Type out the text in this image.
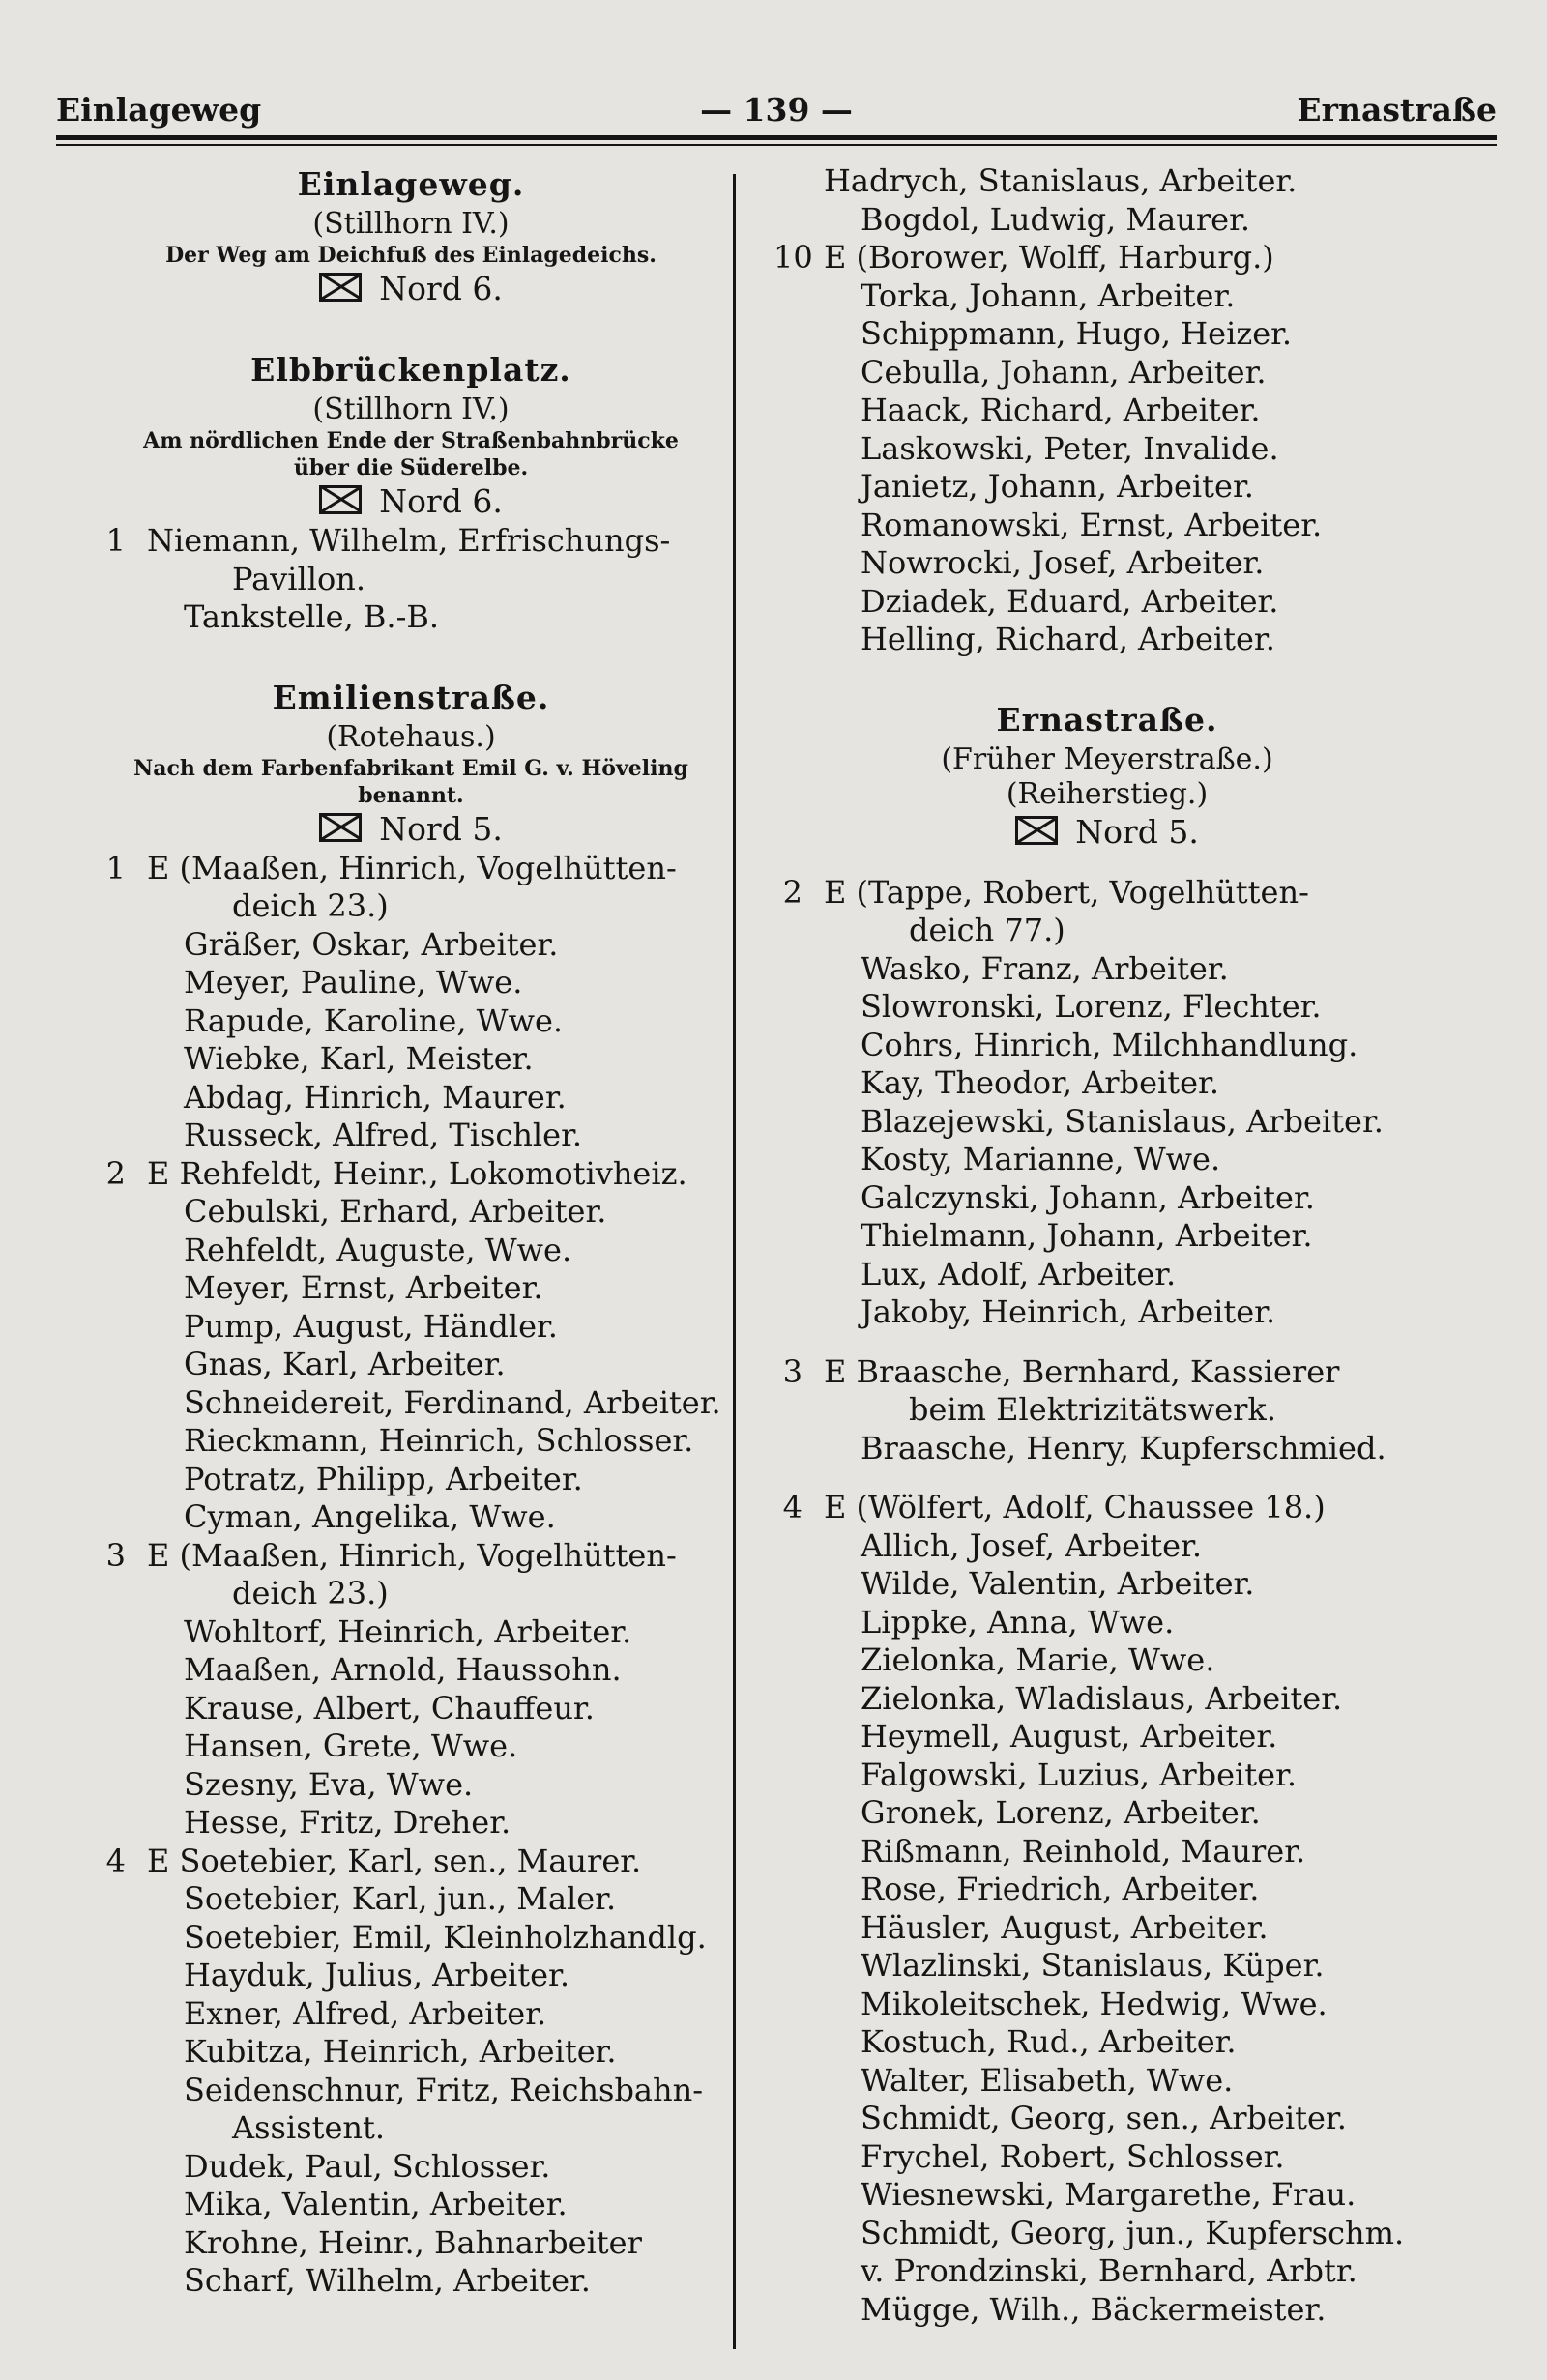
Einlageweg	— 139 —	Ernastraße
Einlageweg.
(Stillhorn IV.)
Der Weg am Deichfuß des Einlagedeichs.
Nord 6.
Elbbrückenplatz.
(Stillhorn IV.)
Am nördlichen Ende der Straßenbahnbrücke
über die Süderelbe.
Nord 6.
1 Niemann, Wilhelm, Erfrischungs-
Pavillon.
Tankstelle, B.-B.
Emilienstraße.
(Rotehaus.)
Nach dem Farbenfabrikant Emil G. v. Höveling benannt.
Nord 5.
1 E (Maaßen, Hinrich, Vogelhütten-
deich 23.)
Gräßer, Oskar, Arbeiter.
Meyer, Pauline, Wwe.
Rapude, Karoline, Wwe.
Wiebke, Karl, Meister.
Abdag, Hinrich, Maurer.
Russeck, Alfred, Tischler.
2 E Rehfeldt, Heinr., Lokomotivheiz.
Cebulski, Erhard, Arbeiter.
Rehfeldt, Auguste, Wwe.
Meyer, Ernst, Arbeiter.
Pump, August, Händler.
Gnas, Karl, Arbeiter.
Schneidereit, Ferdinand, Arbeiter.
Rieckmann, Heinrich, Schlosser.
Potratz, Philipp, Arbeiter.
Cyman, Angelika, Wwe.
3 E (Maaßen, Hinrich, Vogelhütten-
deich 23.)
Wohltorf, Heinrich, Arbeiter.
Maaßen, Arnold, Haussohn.
Krause, Albert, Chauffeur.
Hansen, Grete, Wwe.
Szesny, Eva, Wwe.
Hesse, Fritz, Dreher.
4 E Soetebier, Karl, sen., Maurer.
Soetebier, Karl, jun., Maler.
Soetebier, Emil, Kleinholzhandlg.
Hayduk, Julius, Arbeiter.
Exner, Alfred, Arbeiter.
Kubitza, Heinrich, Arbeiter.
Seidenschnur, Fritz, Reichsbahn-
Assistent.
Dudek, Paul, Schlosser.
Mika, Valentin, Arbeiter.
Krohne, Heinr., Bahnarbeiter
Scharf, Wilhelm, Arbeiter.
Hadrych, Stanislaus, Arbeiter.
Bogdol, Ludwig, Maurer.
10 E (Borower, Wolff, Harburg.)
Torka, Johann, Arbeiter.
Schippmann, Hugo, Heizer.
Cebulla, Johann, Arbeiter.
Haack, Richard, Arbeiter.
Laskowski, Peter, Invalide.
Janietz, Johann, Arbeiter.
Romanowski, Ernst, Arbeiter.
Nowrocki, Josef, Arbeiter.
Dziadek, Eduard, Arbeiter.
Helling, Richard, Arbeiter.
Ernastraße.
(Früher Meyerstraße.)
(Reiherstieg.)
Nord 5.
2 E (Tappe, Robert, Vogelhütten-
deich 77.)
Wasko, Franz, Arbeiter.
Slowronski, Lorenz, Flechter.
Cohrs, Hinrich, Milchhandlung.
Kay, Theodor, Arbeiter.
Blazejewski, Stanislaus, Arbeiter.
Kosty, Marianne, Wwe.
Galczynski, Johann, Arbeiter.
Thielmann, Johann, Arbeiter.
Lux, Adolf, Arbeiter.
Jakoby, Heinrich, Arbeiter.
3 E Braasche, Bernhard, Kassierer
beim Elektrizitätswerk.
Braasche, Henry, Kupferschmied.
4 E (Wölfert, Adolf, Chaussee 18.)
Allich, Josef, Arbeiter.
Wilde, Valentin, Arbeiter.
Lippke, Anna, Wwe.
Zielonka, Marie, Wwe.
Zielonka, Wladislaus, Arbeiter.
Heymell, August, Arbeiter.
Falgowski, Luzius, Arbeiter.
Gronek, Lorenz, Arbeiter.
Rißmann, Reinhold, Maurer.
Rose, Friedrich, Arbeiter.
Häusler, August, Arbeiter.
Wlazlinski, Stanislaus, Küper.
Mikoleitschek, Hedwig, Wwe.
Kostuch, Rud., Arbeiter.
Walter, Elisabeth, Wwe.
Schmidt, Georg, sen., Arbeiter.
Frychel, Robert, Schlosser.
Wiesnewski, Margarethe, Frau.
Schmidt, Georg, jun., Kupferschm.
v. Prondzinski, Bernhard, Arbtr.
Mügge, Wilh., Bäckermeister.
